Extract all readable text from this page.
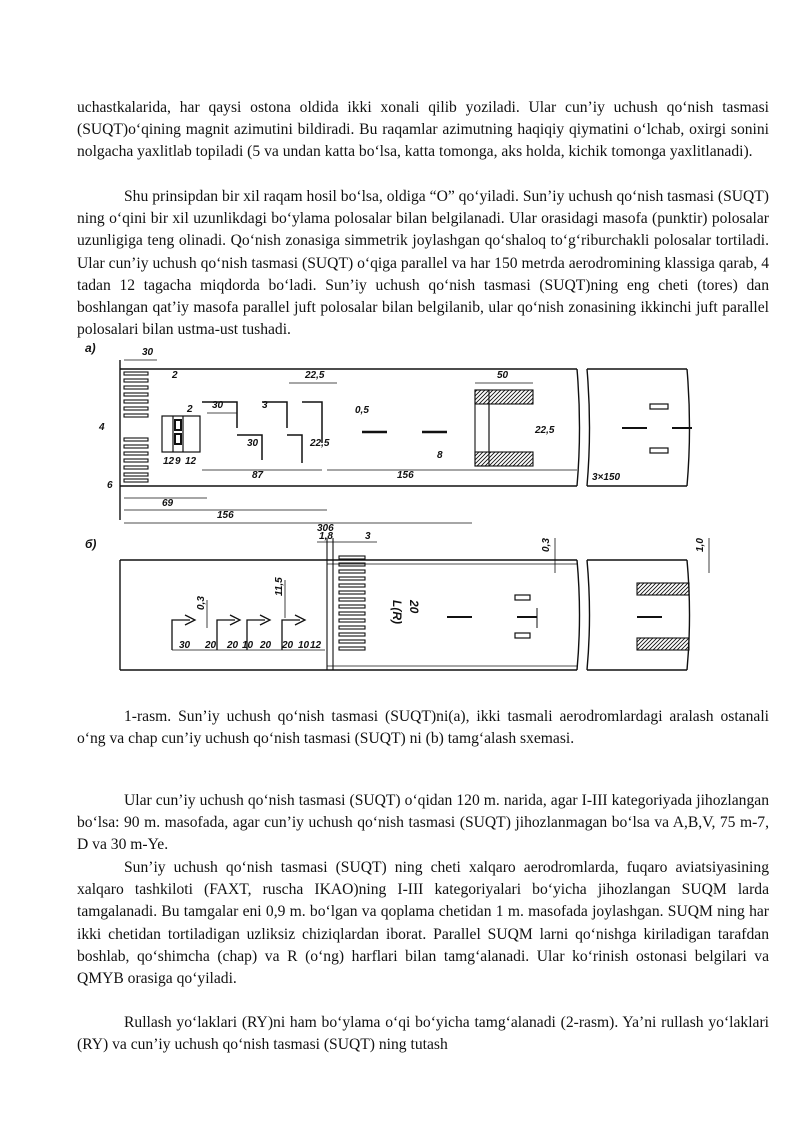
uchastkalarida, har qaysi ostona oldida ikki xonali qilib yoziladi. Ular cun’iy uchush qo‘nish tasmasi (SUQT)o‘qining magnit azimutini bildiradi. Bu raqamlar azimutning haqiqiy qiymatini o‘lchab, oxirgi sonini nolgacha yaxlitlab topiladi (5 va undan katta bo‘lsa, katta tomonga, aks holda, kichik tomonga yaxlitlanadi).

Shu prinsipdan bir xil raqam hosil bo‘lsa, oldiga “O” qo‘yiladi. Sun’iy uchush qo‘nish tasmasi (SUQT) ning o‘qini bir xil uzunlikdagi bo‘ylama polosalar bilan belgilanadi. Ular orasidagi masofa (punktir) polosalar uzunligiga teng olinadi. Qo‘nish zonasiga simmetrik joylashgan qo‘shaloq to‘g‘riburchakli polosalar tortiladi. Ular cun’iy uchush qo‘nish tasmasi (SUQT) o‘qiga parallel va har 150 metrda aerodromining klassiga qarab, 4 tadan 12 tagacha miqdorda bo‘ladi. Sun’iy uchush qo‘nish tasmasi (SUQT)ning eng cheti (tores) dan boshlangan qat’iy masofa parallel juft polosalar bilan belgilanib, ular qo‘nish zonasining ikkinchi juft parallel polosalari bilan ustma-ust tushadi.

а)	30
2	22,5	50
30	3	0,5
22,5
30
22,5
8
12 9 12
4
87	156	3×150
6
69
156
306
2
б)
20
L(R)
1,8	3
0,3	1,0
11,5
0,3
30 20 20 10 20 20 10 12

1-rasm. Sun’iy uchush qo‘nish tasmasi (SUQT)ni(a), ikki tasmali aerodromlardagi aralash ostanali o‘ng va chap cun’iy uchush qo‘nish tasmasi (SUQT) ni (b) tamg‘alash sxemasi.

Ular cun’iy uchush qo‘nish tasmasi (SUQT) o‘qidan 120 m. narida, agar I-III kategoriyada jihozlangan bo‘lsa: 90 m. masofada, agar cun’iy uchush qo‘nish tasmasi (SUQT) jihozlanmagan bo‘lsa va A,B,V, 75 m-7, D va 30 m-Ye.

Sun’iy uchush qo‘nish tasmasi (SUQT) ning cheti xalqaro aerodromlarda, fuqaro aviatsiyasining xalqaro tashkiloti (FAXT, ruscha IKAO)ning I-III kategoriyalari bo‘yicha jihozlangan SUQM larda tamgalanadi. Bu tamgalar eni 0,9 m. bo‘lgan va qoplama chetidan 1 m. masofada joylashgan. SUQM ning har ikki chetidan tortiladigan uzliksiz chiziqlardan iborat. Parallel SUQM larni qo‘nishga kiriladigan tarafdan boshlab, qo‘shimcha (chap) va R (o‘ng) harflari bilan tamg‘alanadi. Ular ko‘rinish ostonasi belgilari va QMYB orasiga qo‘yiladi.

Rullash yo‘laklari (RY)ni ham bo‘ylama o‘qi bo‘yicha tamg‘alanadi (2-rasm). Ya’ni rullash yo‘laklari (RY) va cun’iy uchush qo‘nish tasmasi (SUQT) ning tutash
